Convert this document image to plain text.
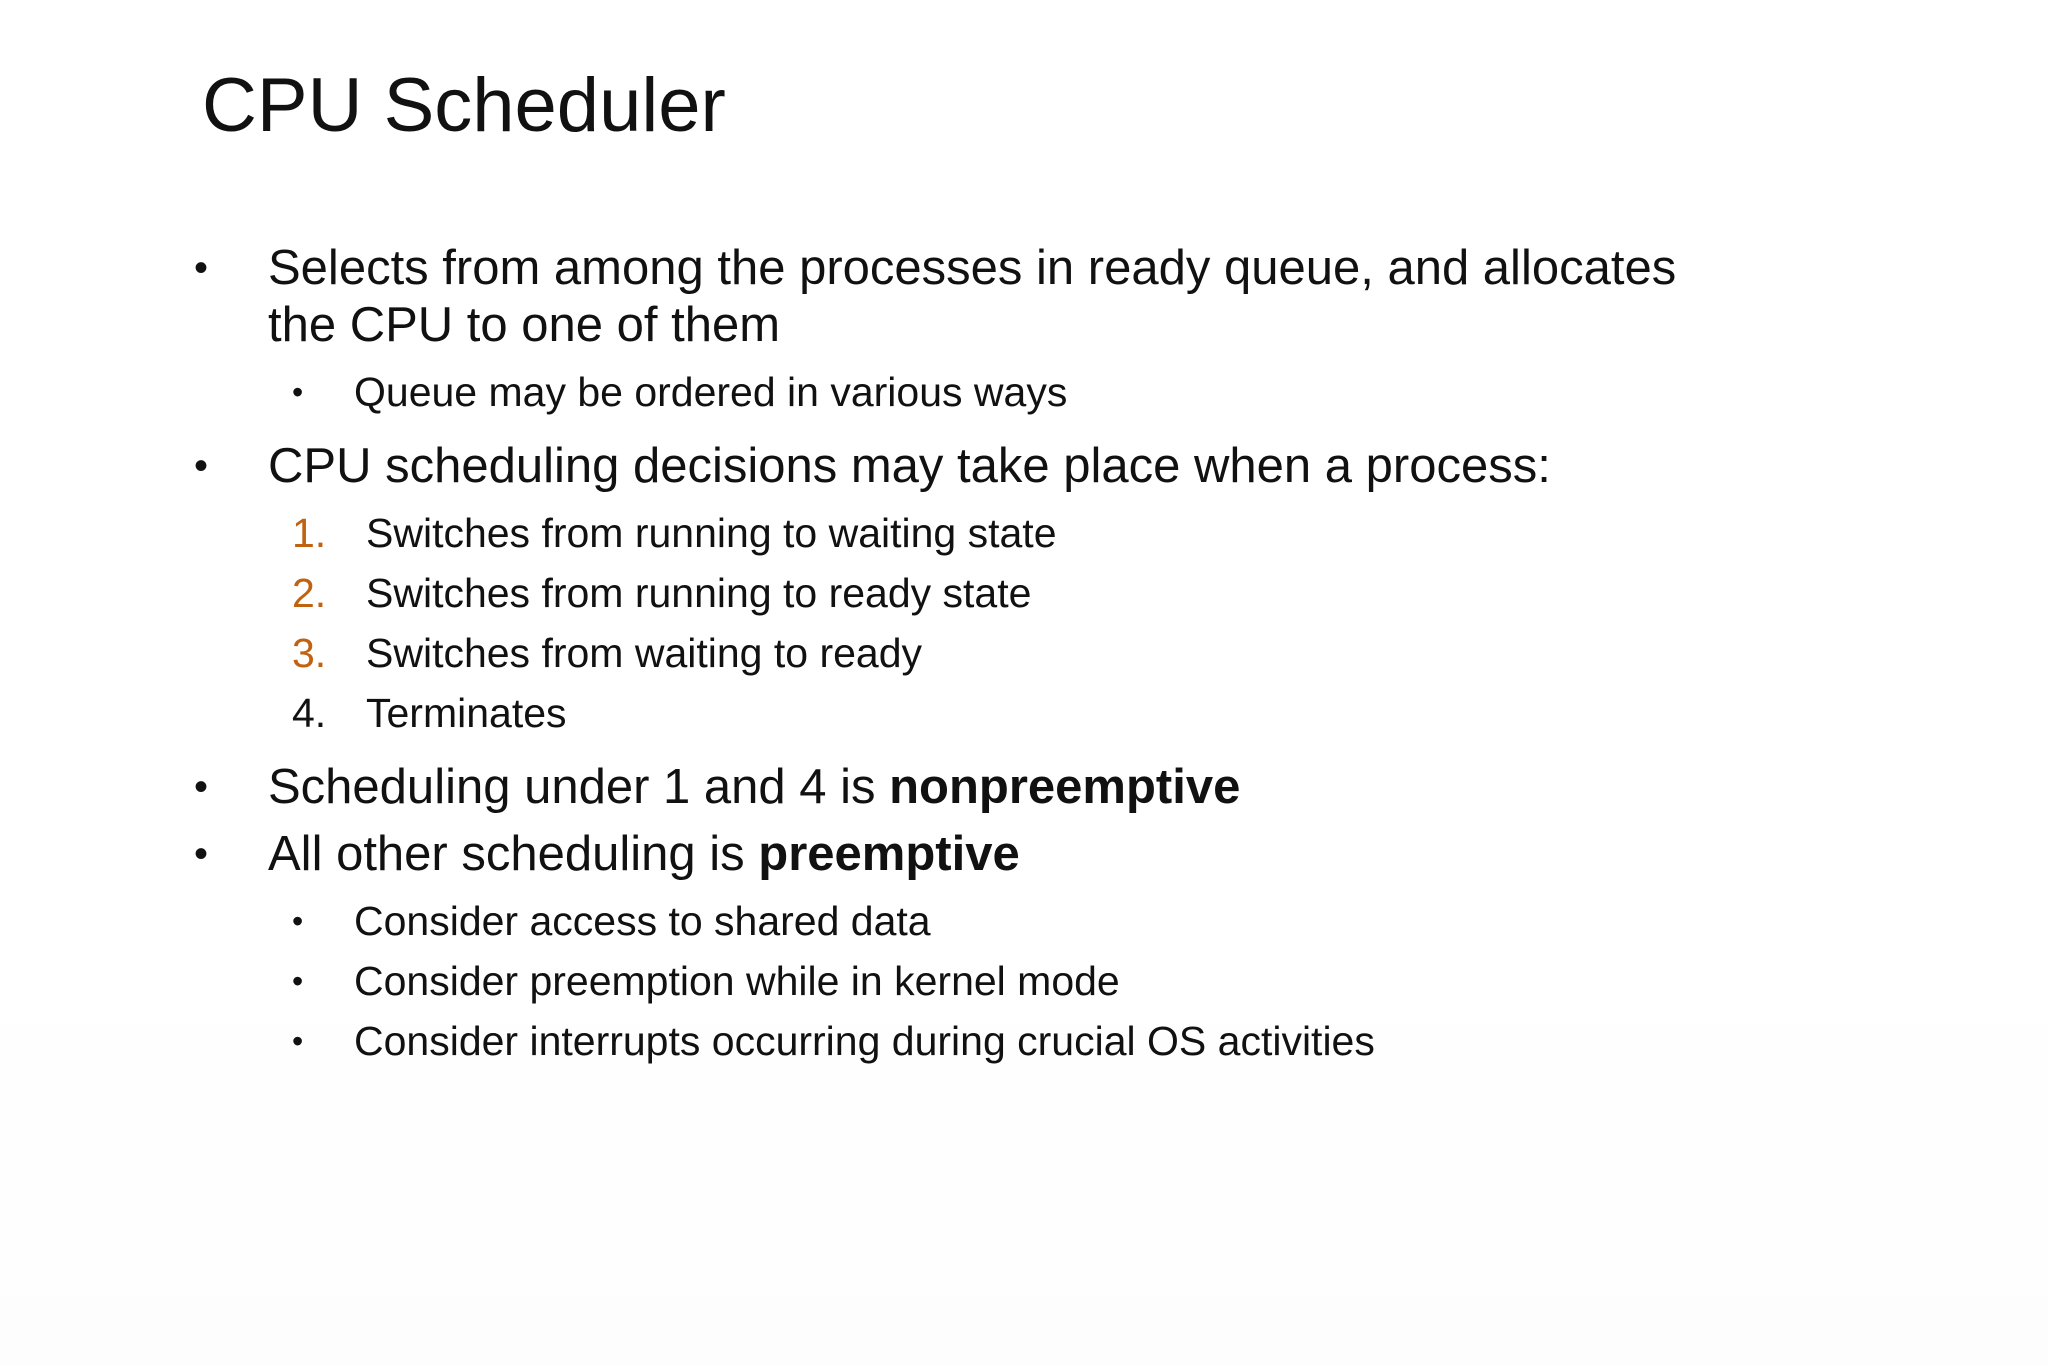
CPU Scheduler
• Selects from among the processes in ready queue, and allocates
the CPU to one of them
• Queue may be ordered in various ways
• CPU scheduling decisions may take place when a process:
1. Switches from running to waiting state
2. Switches from running to ready state
3. Switches from waiting to ready
4. Terminates
• Scheduling under 1 and 4 is nonpreemptive
• All other scheduling is preemptive
• Consider access to shared data
• Consider preemption while in kernel mode
• Consider interrupts occurring during crucial OS activities
